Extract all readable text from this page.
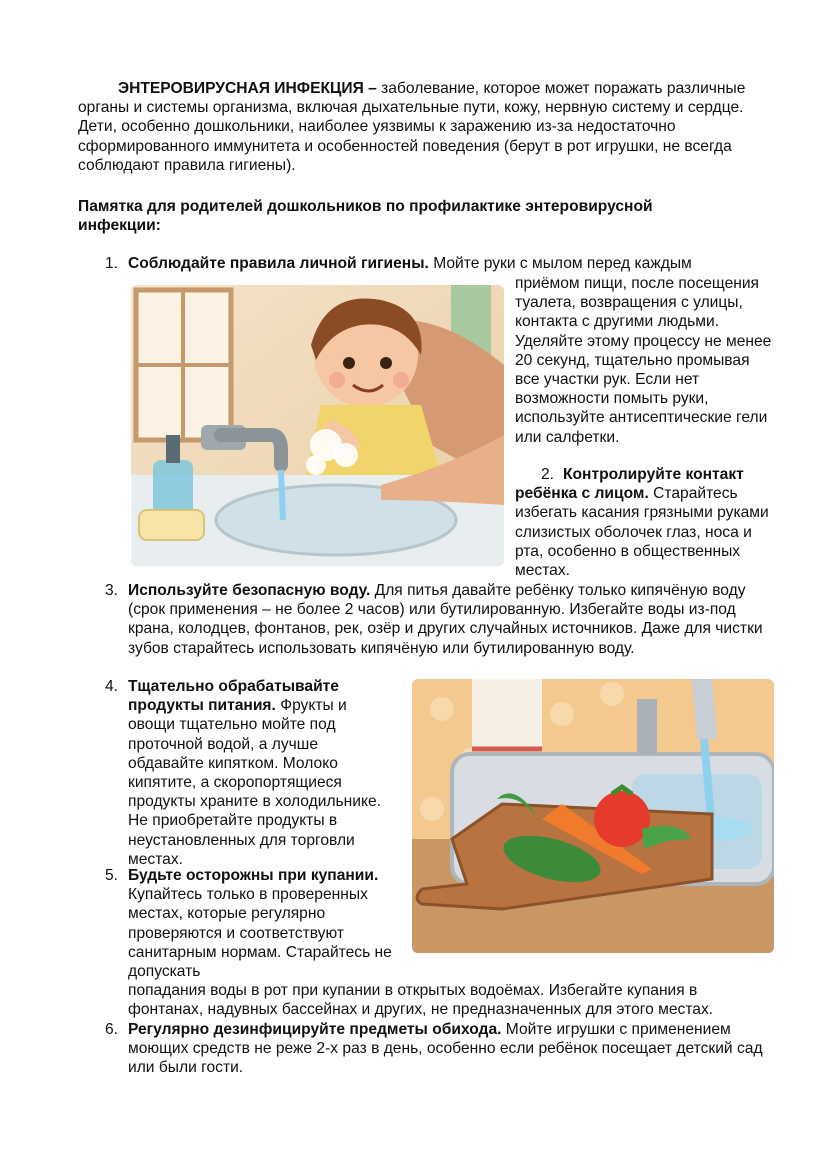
ЭНТЕРОВИРУСНАЯ ИНФЕКЦИЯ – заболевание, которое может поражать различные органы и системы организма, включая дыхательные пути, кожу, нервную систему и сердце. Дети, особенно дошкольники, наиболее уязвимы к заражению из-за недостаточно сформированного иммунитета и особенностей поведения (берут в рот игрушки, не всегда соблюдают правила гигиены).

Памятка для родителей дошкольников по профилактике энтеровирусной инфекции:

1. Соблюдайте правила личной гигиены. Мойте руки с мылом перед каждым

приёмом пищи, после посещения туалета, возвращения с улицы, контакта с другими людьми. Уделяйте этому процессу не менее 20 секунд, тщательно промывая все участки рук. Если нет возможности помыть руки, используйте антисептические гели или салфетки.

2. Контролируйте контакт ребёнка с лицом. Старайтесь избегать касания грязными руками слизистых оболочек глаз, носа и рта, особенно в общественных местах.

3. Используйте безопасную воду. Для питья давайте ребёнку только кипячёную воду (срок применения – не более 2 часов) или бутилированную. Избегайте воды из-под крана, колодцев, фонтанов, рек, озёр и других случайных источников. Даже для чистки зубов старайтесь использовать кипячёную или бутилированную воду.

4. Тщательно обрабатывайте продукты питания. Фрукты и овощи тщательно мойте под проточной водой, а лучше обдавайте кипятком. Молоко кипятите, а скоропортящиеся продукты храните в холодильнике. Не приобретайте продукты в неустановленных для торговли местах.

5. Будьте осторожны при купании. Купайтесь только в проверенных местах, которые регулярно проверяются и соответствуют санитарным нормам. Старайтесь не допускать

попадания воды в рот при купании в открытых водоёмах. Избегайте купания в фонтанах, надувных бассейнах и других, не предназначенных для этого местах.

6. Регулярно дезинфицируйте предметы обихода. Мойте игрушки с применением моющих средств не реже 2-х раз в день, особенно если ребёнок посещает детский сад или были гости.
